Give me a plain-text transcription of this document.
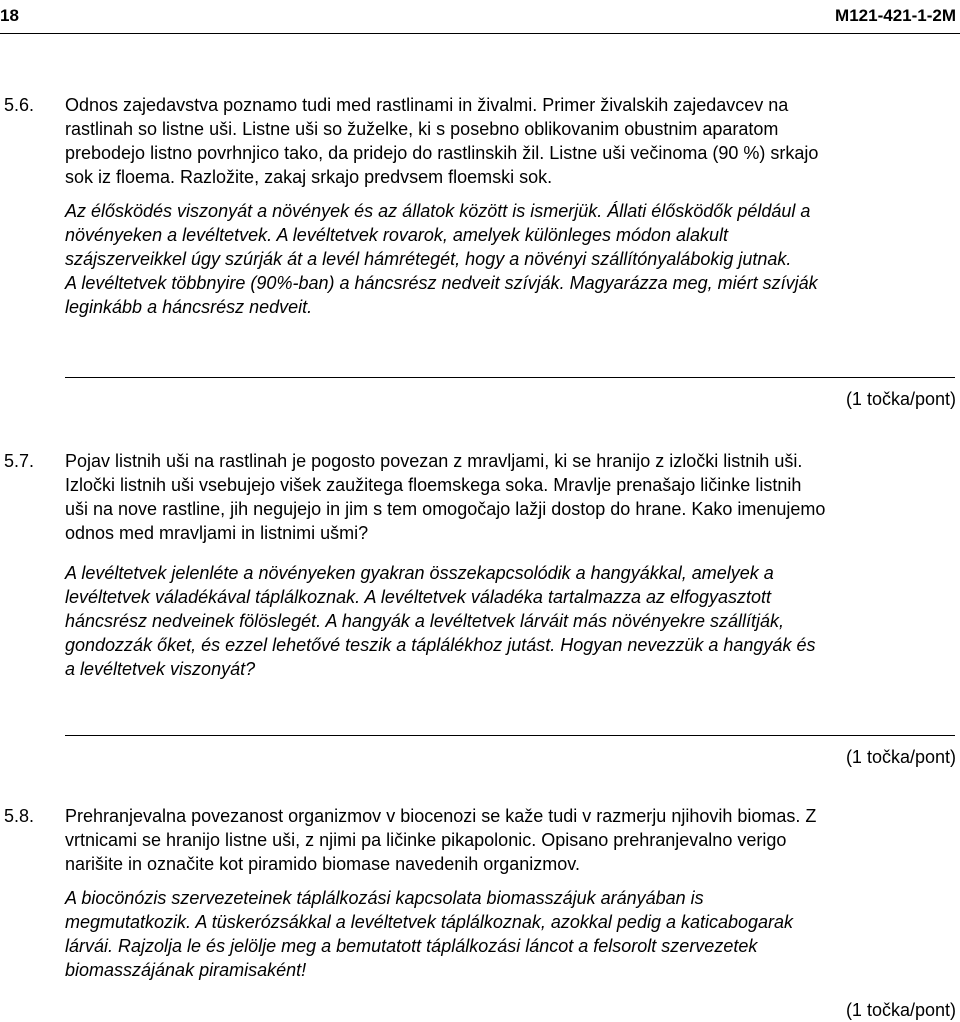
18	M121-421-1-2M
5.6. Odnos zajedavstva poznamo tudi med rastlinami in živalmi. Primer živalskih zajedavcev na
rastlinah so listne uši. Listne uši so žuželke, ki s posebno oblikovanim obustnim aparatom
prebodejo listno povrhnjico tako, da pridejo do rastlinskih žil. Listne uši večinoma (90 %) srkajo
sok iz floema. Razložite, zakaj srkajo predvsem floemski sok.

Az élősködés viszonyát a növények és az állatok között is ismerjük. Állati élősködők például a
növényeken a levéltetvek. A levéltetvek rovarok, amelyek különleges módon alakult
szájszerveikkel úgy szúrják át a levél hámrétegét, hogy a növényi szállítónyalábokig jutnak.
A levéltetvek többnyire (90%-ban) a háncsrész nedveit szívják. Magyarázza meg, miért szívják
leginkább a háncsrész nedveit.

(1 točka/pont)
5.7. Pojav listnih uši na rastlinah je pogosto povezan z mravljami, ki se hranijo z izločki listnih uši.
Izločki listnih uši vsebujejo višek zaužitega floemskega soka. Mravlje prenašajo ličinke listnih
uši na nove rastline, jih negujejo in jim s tem omogočajo lažji dostop do hrane. Kako imenujemo
odnos med mravljami in listnimi ušmi?

A levéltetvek jelenléte a növényeken gyakran összekapcsolódik a hangyákkal, amelyek a
levéltetvek váladékával táplálkoznak. A levéltetvek váladéka tartalmazza az elfogyasztott
háncsrész nedveinek fölöslegét. A hangyák a levéltetvek lárváit más növényekre szállítják,
gondozzák őket, és ezzel lehetővé teszik a táplálékhoz jutást. Hogyan nevezzük a hangyák és
a levéltetvek viszonyát?

(1 točka/pont)
5.8. Prehranjevalna povezanost organizmov v biocenozi se kaže tudi v razmerju njihovih biomas. Z
vrtnicami se hranijo listne uši, z njimi pa ličinke pikapolonic. Opisano prehranjevalno verigo
narišite in označite kot piramido biomase navedenih organizmov.

A biocönózis szervezeteinek táplálkozási kapcsolata biomasszájuk arányában is
megmutatkozik. A tüskerózsákkal a levéltetvek táplálkoznak, azokkal pedig a katicabogarak
lárvái. Rajzolja le és jelölje meg a bemutatott táplálkozási láncot a felsorolt szervezetek
biomasszájának piramisaként!

(1 točka/pont)
